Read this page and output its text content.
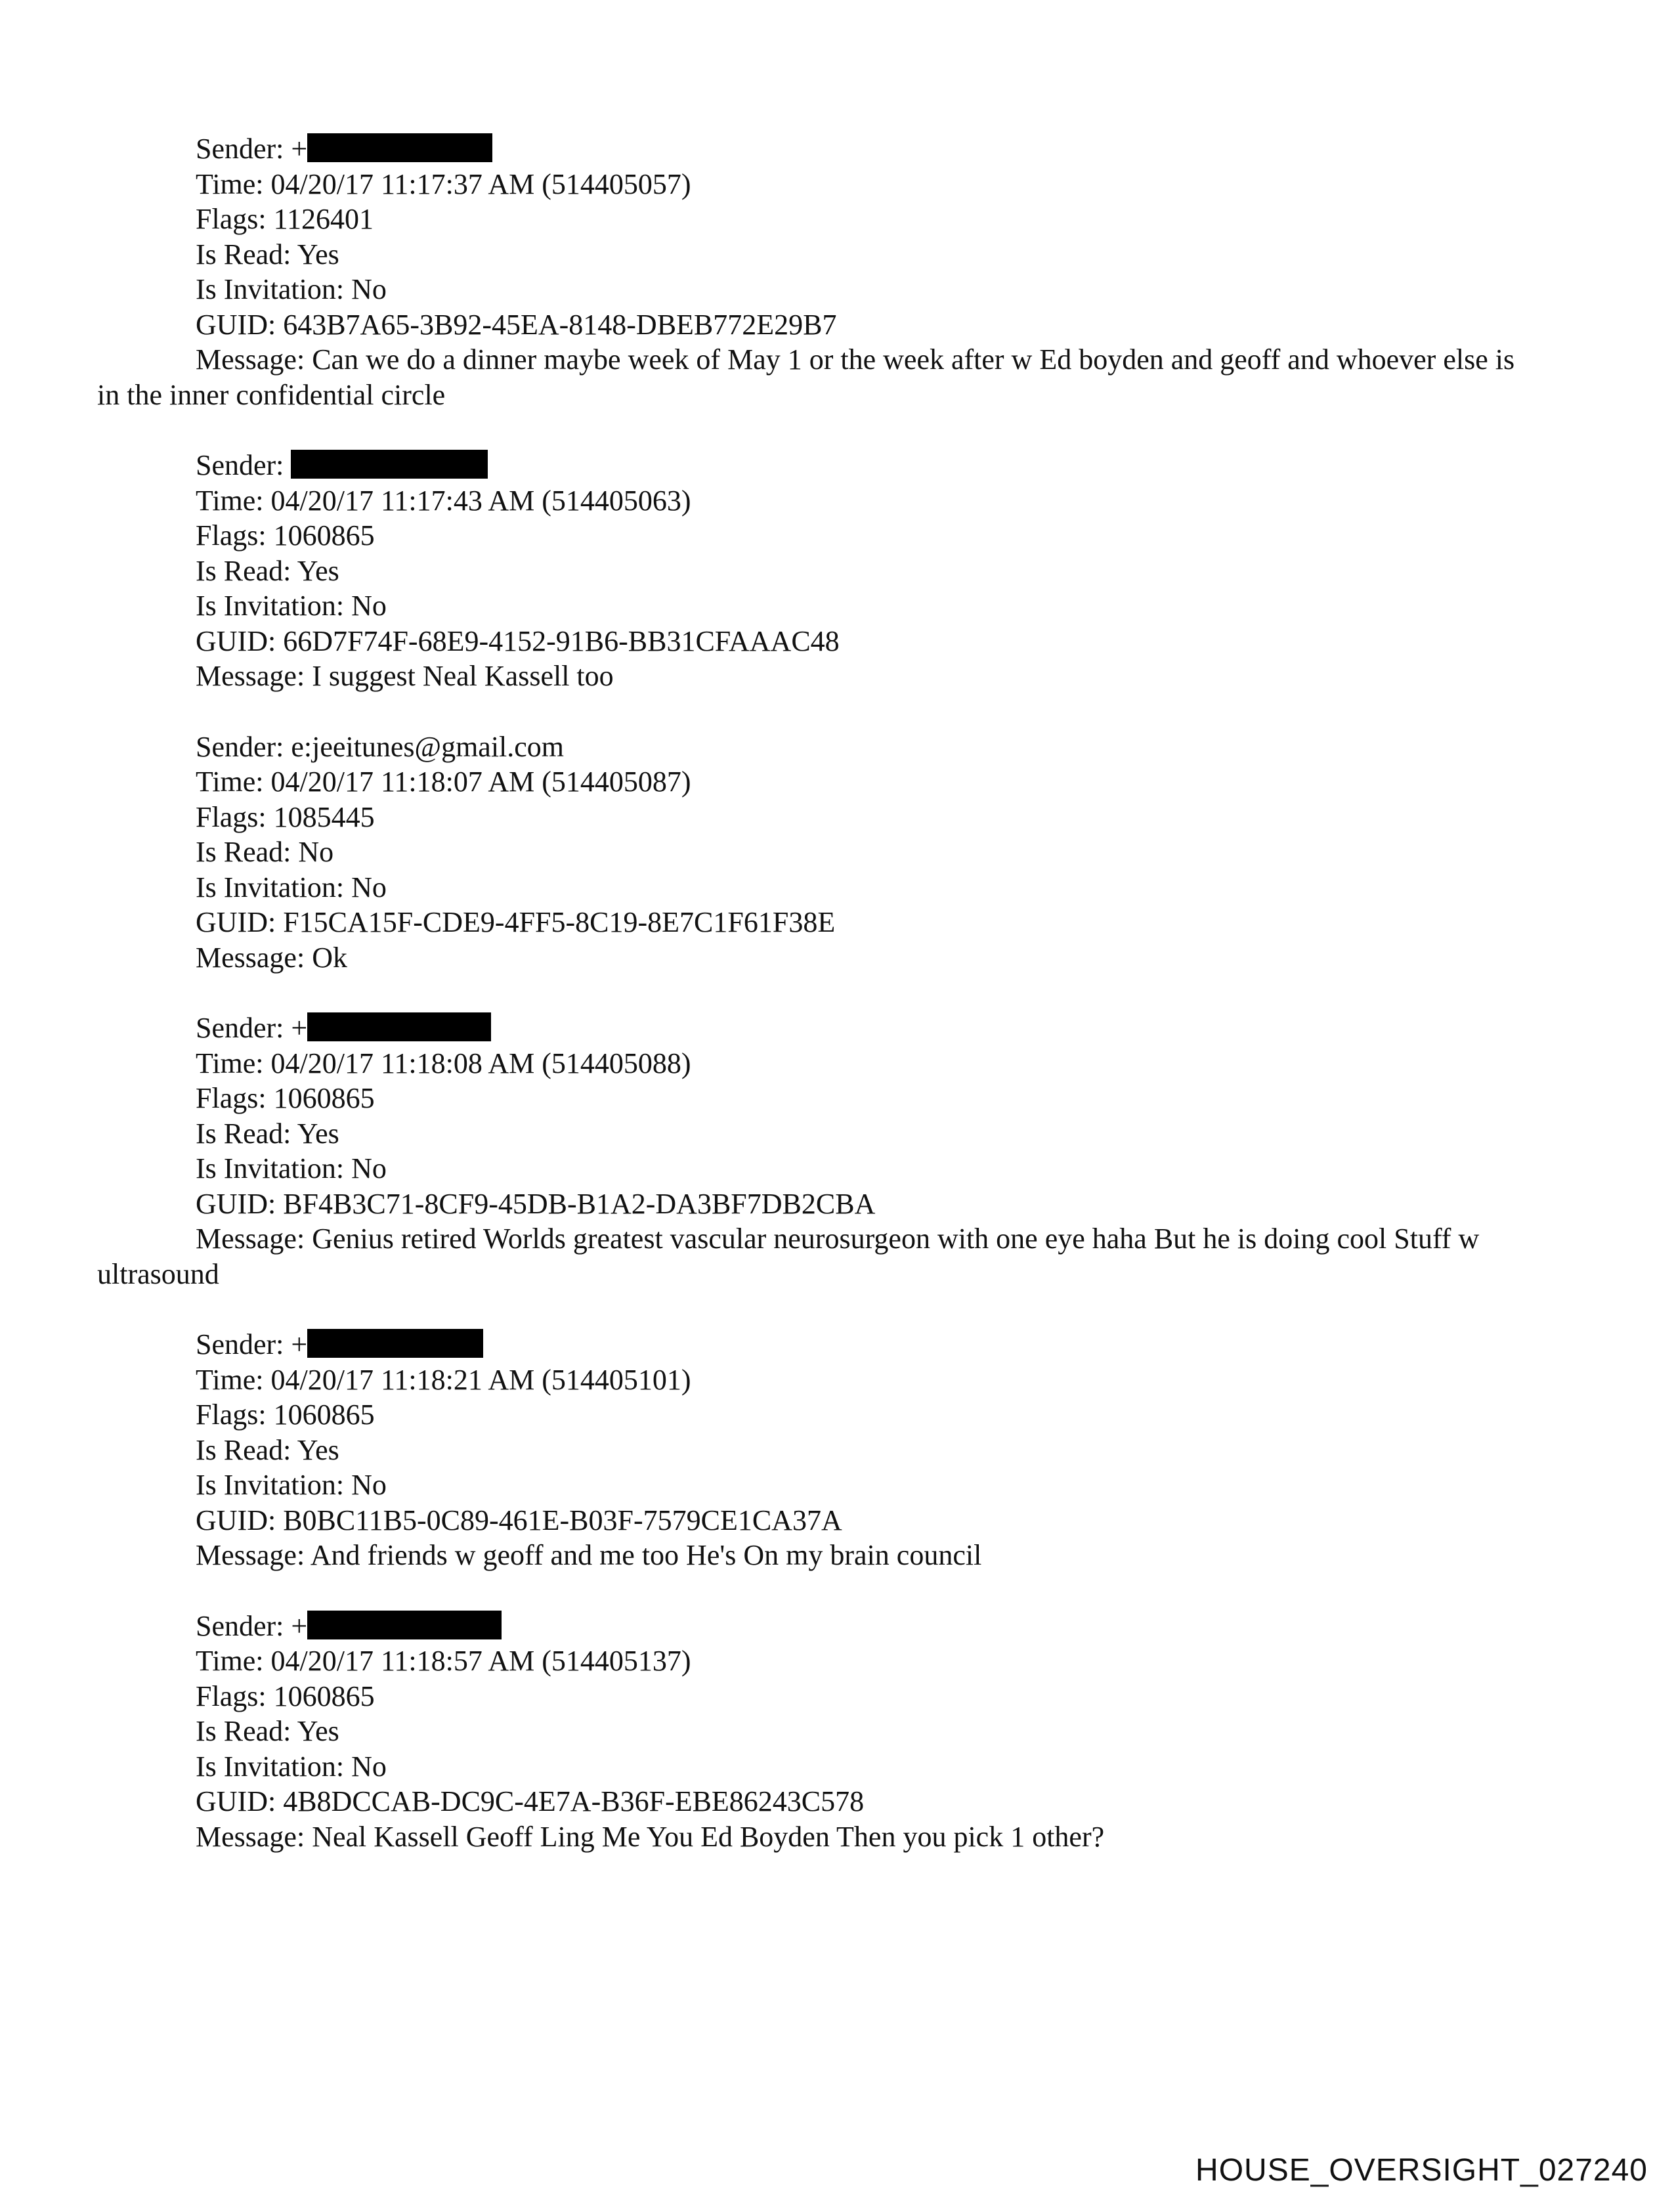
Sender: +
Time: 04/20/17 11:17:37 AM (514405057)
Flags: 1126401
Is Read: Yes
Is Invitation: No
GUID: 643B7A65-3B92-45EA-8148-DBEB772E29B7
Message: Can we do a dinner maybe week of May 1 or the week after w Ed boyden and geoff and whoever else is in the inner confidential circle
Sender:
Time: 04/20/17 11:17:43 AM (514405063)
Flags: 1060865
Is Read: Yes
Is Invitation: No
GUID: 66D7F74F-68E9-4152-91B6-BB31CFAAAC48
Message: I suggest Neal Kassell too
Sender: e:jeeitunes@gmail.com
Time: 04/20/17 11:18:07 AM (514405087)
Flags: 1085445
Is Read: No
Is Invitation: No
GUID: F15CA15F-CDE9-4FF5-8C19-8E7C1F61F38E
Message: Ok
Sender: +
Time: 04/20/17 11:18:08 AM (514405088)
Flags: 1060865
Is Read: Yes
Is Invitation: No
GUID: BF4B3C71-8CF9-45DB-B1A2-DA3BF7DB2CBA
Message: Genius retired Worlds greatest vascular neurosurgeon with one eye haha But he is doing cool Stuff w ultrasound
Sender: +
Time: 04/20/17 11:18:21 AM (514405101)
Flags: 1060865
Is Read: Yes
Is Invitation: No
GUID: B0BC11B5-0C89-461E-B03F-7579CE1CA37A
Message: And friends w geoff and me too He's On my brain council
Sender: +
Time: 04/20/17 11:18:57 AM (514405137)
Flags: 1060865
Is Read: Yes
Is Invitation: No
GUID: 4B8DCCAB-DC9C-4E7A-B36F-EBE86243C578
Message: Neal Kassell Geoff Ling Me You Ed Boyden Then you pick 1 other?
HOUSE_OVERSIGHT_027240
